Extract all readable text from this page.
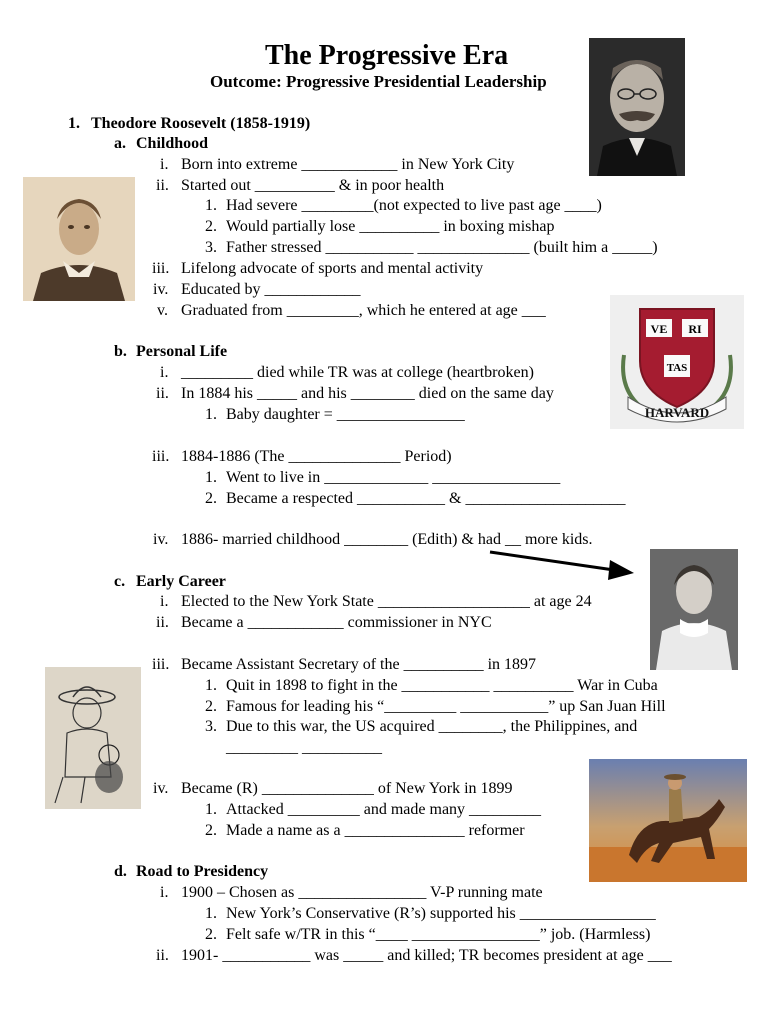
The Progressive Era
Outcome: Progressive Presidential Leadership
1. Theodore Roosevelt (1858-1919)
a. Childhood
i. Born into extreme ____________ in New York City
ii. Started out __________ & in poor health
1. Had severe _________(not expected to live past age ____)
2. Would partially lose __________ in boxing mishap
3. Father stressed ___________ ______________ (built him a _____)
iii. Lifelong advocate of sports and mental activity
iv. Educated by ____________
v. Graduated from _________, which he entered at age ___
b. Personal Life
i. _________ died while TR was at college (heartbroken)
ii. In 1884 his _____ and his ________ died on the same day
1. Baby daughter = ________________
iii. 1884-1886 (The ______________ Period)
1. Went to live in _____________ ________________
2. Became a respected ___________ & ____________________
iv. 1886- married childhood ________ (Edith) & had __ more kids.
c. Early Career
i. Elected to the New York State ___________________ at age 24
ii. Became a ____________ commissioner in NYC
iii. Became Assistant Secretary of the __________ in 1897
1. Quit in 1898 to fight in the ___________ __________ War in Cuba
2. Famous for leading his “_________ ___________” up San Juan Hill
3. Due to this war, the US acquired ________, the Philippines, and
_________ __________
iv. Became (R) ______________ of New York in 1899
1. Attacked _________ and made many _________
2. Made a name as a _______________ reformer
d. Road to Presidency
i. 1900 – Chosen as ________________ V-P running mate
1. New York’s Conservative (R’s) supported his _________________
2. Felt safe w/TR in this “____ ________________” job. (Harmless)
ii. 1901- ___________ was _____ and killed; TR becomes president at age ___
VE RI
TAS
HARVARD
